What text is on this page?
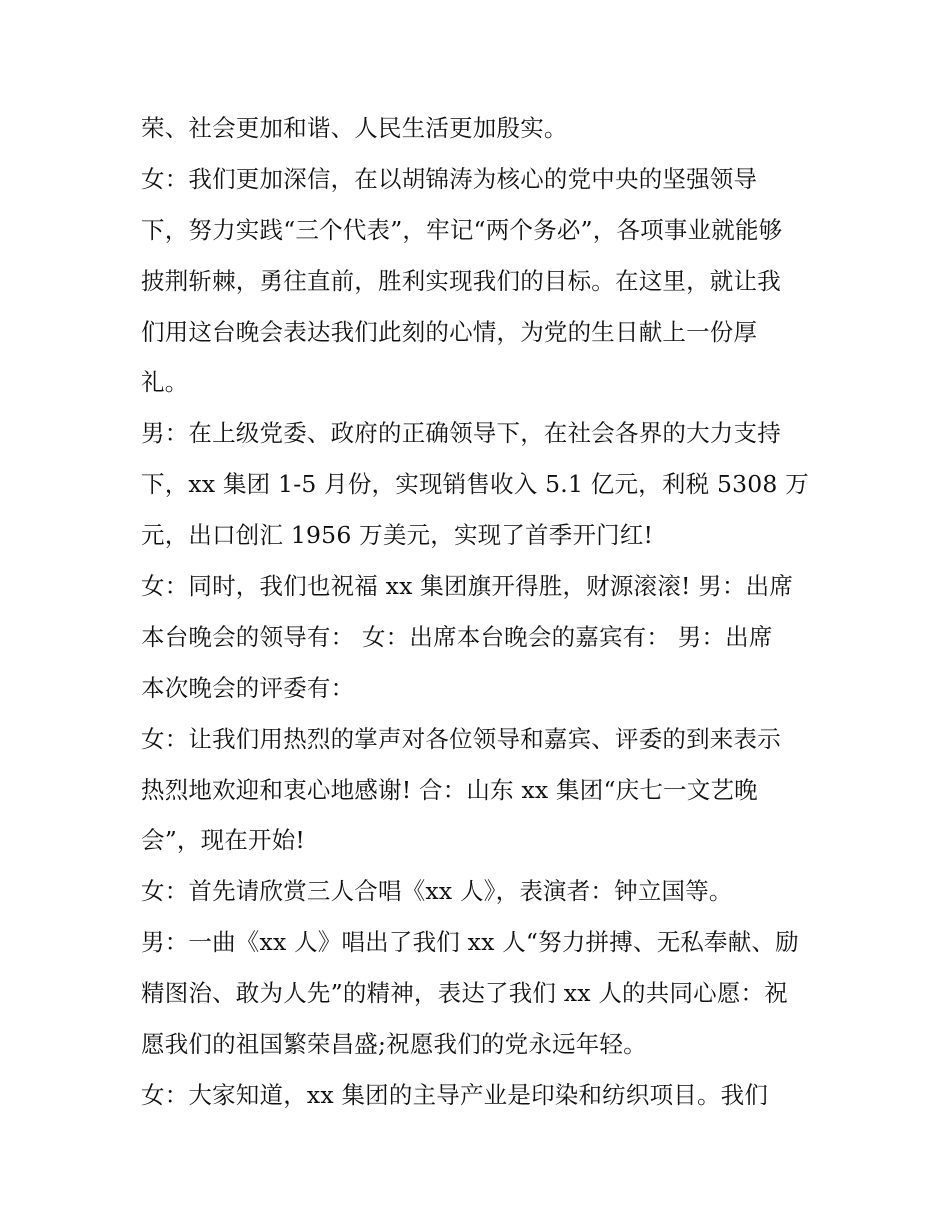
荣、社会更加和谐、人民生活更加殷实。
女：我们更加深信，在以胡锦涛为核心的党中央的坚强领导
下，努力实践“三个代表”，牢记“两个务必”，各项事业就能够
披荆斩棘，勇往直前，胜利实现我们的目标。在这里，就让我
们用这台晚会表达我们此刻的心情，为党的生日献上一份厚
礼。
男：在上级党委、政府的正确领导下，在社会各界的大力支持
下，xx 集团 1-5 月份，实现销售收入 5.1 亿元，利税 5308 万
元，出口创汇 1956 万美元，实现了首季开门红!
女：同时，我们也祝福 xx 集团旗开得胜，财源滚滚! 男：出席
本台晚会的领导有： 女：出席本台晚会的嘉宾有： 男：出席
本次晚会的评委有：
女：让我们用热烈的掌声对各位领导和嘉宾、评委的到来表示
热烈地欢迎和衷心地感谢! 合：山东 xx 集团“庆七一文艺晚
会”，现在开始!
女：首先请欣赏三人合唱《xx 人》，表演者：钟立国等。
男：一曲《xx 人》唱出了我们 xx 人“努力拼搏、无私奉献、励
精图治、敢为人先”的精神，表达了我们 xx 人的共同心愿：祝
愿我们的祖国繁荣昌盛;祝愿我们的党永远年轻。
女：大家知道，xx 集团的主导产业是印染和纺织项目。我们
